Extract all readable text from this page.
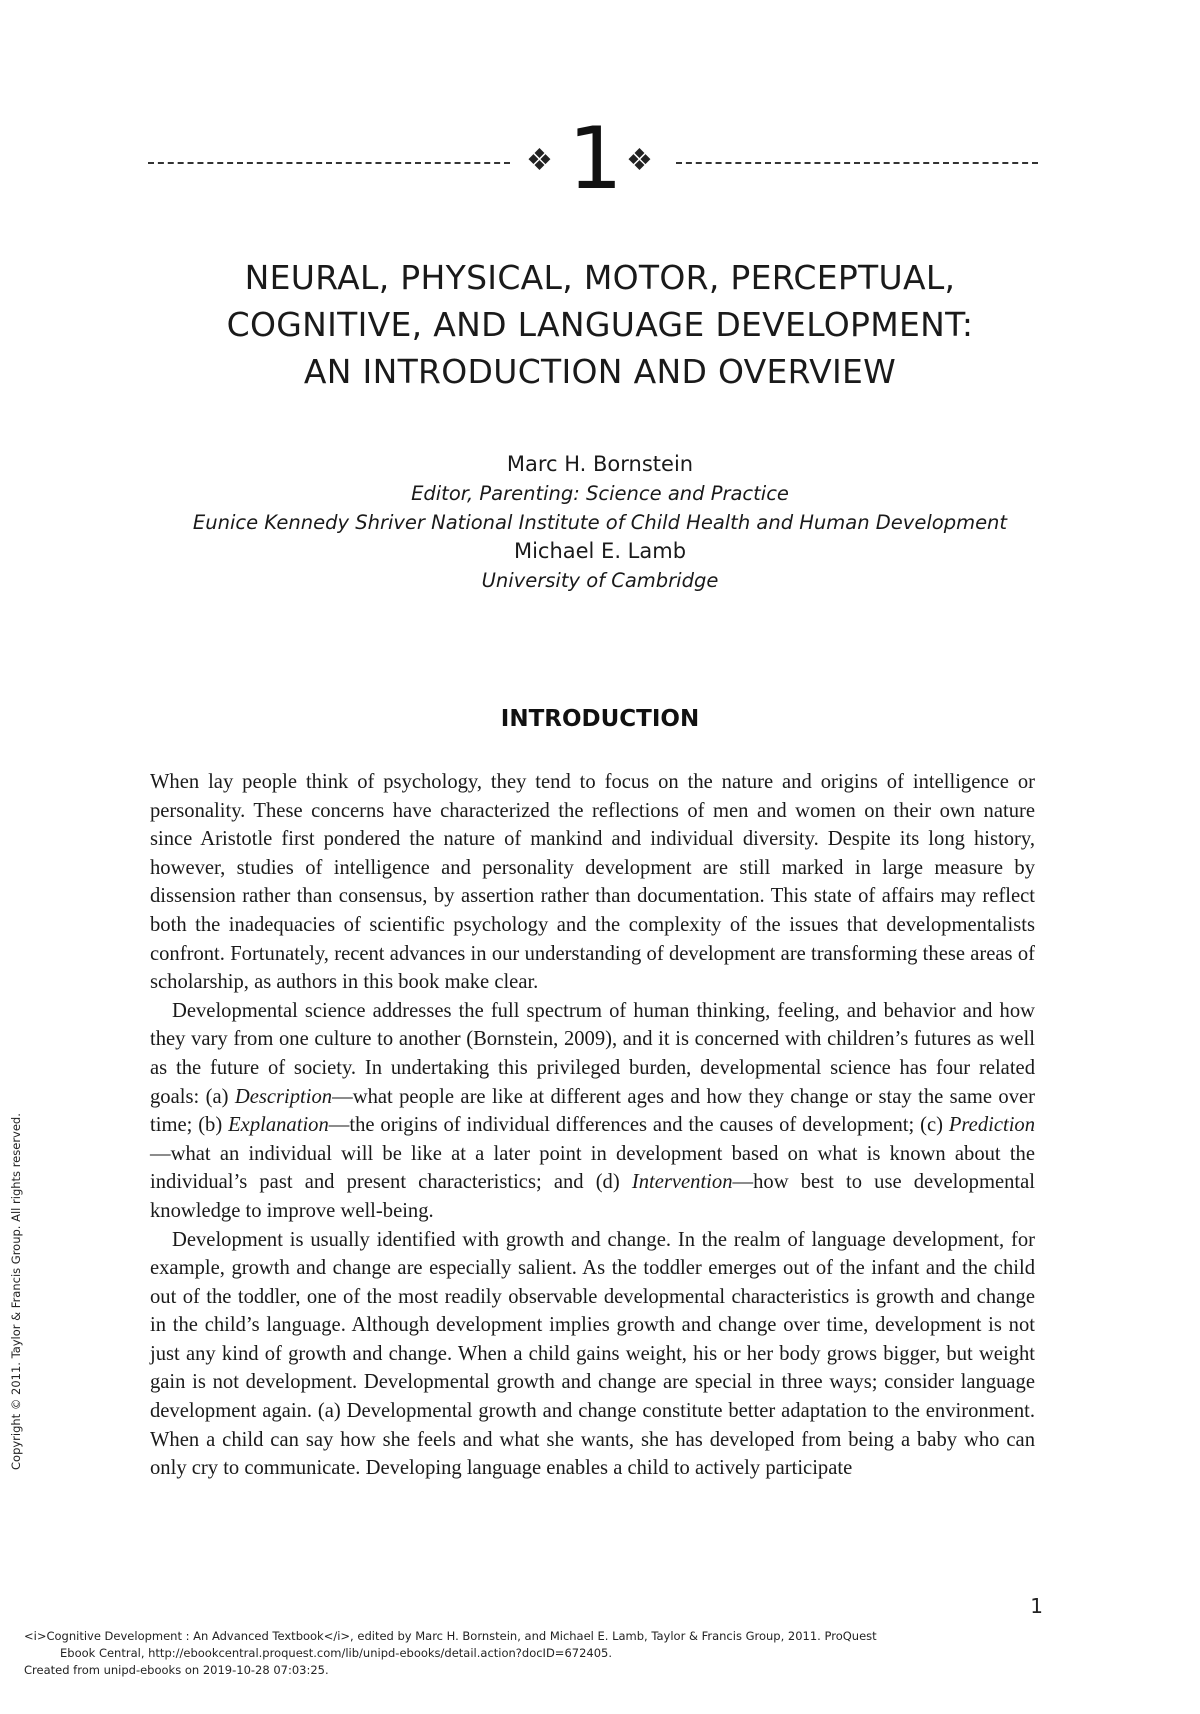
❖ 1 ❖
NEURAL, PHYSICAL, MOTOR, PERCEPTUAL,
COGNITIVE, AND LANGUAGE DEVELOPMENT:
AN INTRODUCTION AND OVERVIEW
Marc H. Bornstein
Editor, Parenting: Science and Practice
Eunice Kennedy Shriver National Institute of Child Health and Human Development
Michael E. Lamb
University of Cambridge
INTRODUCTION

When lay people think of psychology, they tend to focus on the nature and origins of intelligence or personality. These concerns have characterized the reflections of men and women on their own nature since Aristotle first pondered the nature of mankind and individual diversity. Despite its long history, however, studies of intelligence and personality development are still marked in large measure by dissension rather than consensus, by assertion rather than documentation. This state of affairs may reflect both the inadequacies of scientific psychology and the complexity of the issues that developmentalists confront. Fortunately, recent advances in our understanding of development are transforming these areas of scholarship, as authors in this book make clear.

Developmental science addresses the full spectrum of human thinking, feeling, and behavior and how they vary from one culture to another (Bornstein, 2009), and it is concerned with children’s futures as well as the future of society. In undertaking this privileged burden, developmental science has four related goals: (a) Description—what people are like at different ages and how they change or stay the same over time; (b) Explanation—the origins of individual differences and the causes of development; (c) Prediction—what an individual will be like at a later point in development based on what is known about the individual’s past and present characteristics; and (d) Intervention—how best to use developmental knowledge to improve well-being.

Development is usually identified with growth and change. In the realm of language development, for example, growth and change are especially salient. As the toddler emerges out of the infant and the child out of the toddler, one of the most readily observable developmental characteristics is growth and change in the child’s language. Although development implies growth and change over time, development is not just any kind of growth and change. When a child gains weight, his or her body grows bigger, but weight gain is not development. Developmental growth and change are special in three ways; consider language development again. (a) Developmental growth and change constitute better adaptation to the environment. When a child can say how she feels and what she wants, she has developed from being a baby who can only cry to communicate. Developing language enables a child to actively participate

1
Copyright © 2011. Taylor & Francis Group. All rights reserved.
<i>Cognitive Development : An Advanced Textbook</i>, edited by Marc H. Bornstein, and Michael E. Lamb, Taylor & Francis Group, 2011. ProQuest
Ebook Central, http://ebookcentral.proquest.com/lib/unipd-ebooks/detail.action?docID=672405.
Created from unipd-ebooks on 2019-10-28 07:03:25.
